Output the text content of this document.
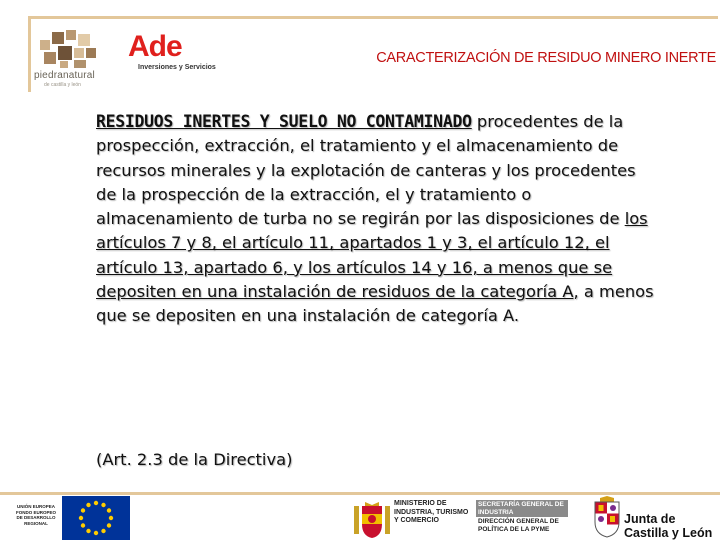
piedranatural
de castilla y león
Ade
Inversiones y Servicios
CARACTERIZACIÓN DE RESIDUO MINERO INERTE
RESIDUOS INERTES Y SUELO NO CONTAMINADO procedentes de la prospección, extracción, el tratamiento y el almacenamiento de recursos minerales y la explotación de canteras y los procedentes de la prospección de la extracción, el y tratamiento o almacenamiento de turba no se regirán por las disposiciones de los artículos 7 y 8, el artículo 11, apartados 1 y 3, el artículo 12, el artículo 13, apartado 6, y los artículos 14 y 16, a menos que se depositen en una instalación de residuos de la categoría A, a menos que se depositen en una instalación de categoría A.
(Art. 2.3 de la Directiva)
UNIÓN EUROPEA FONDO EUROPEO DE DESARROLLO REGIONAL
MINISTERIO DE INDUSTRIA, TURISMO Y COMERCIO
SECRETARÍA GENERAL DE INDUSTRIA
DIRECCIÓN GENERAL DE POLÍTICA DE LA PYME
Junta de
Castilla y León
